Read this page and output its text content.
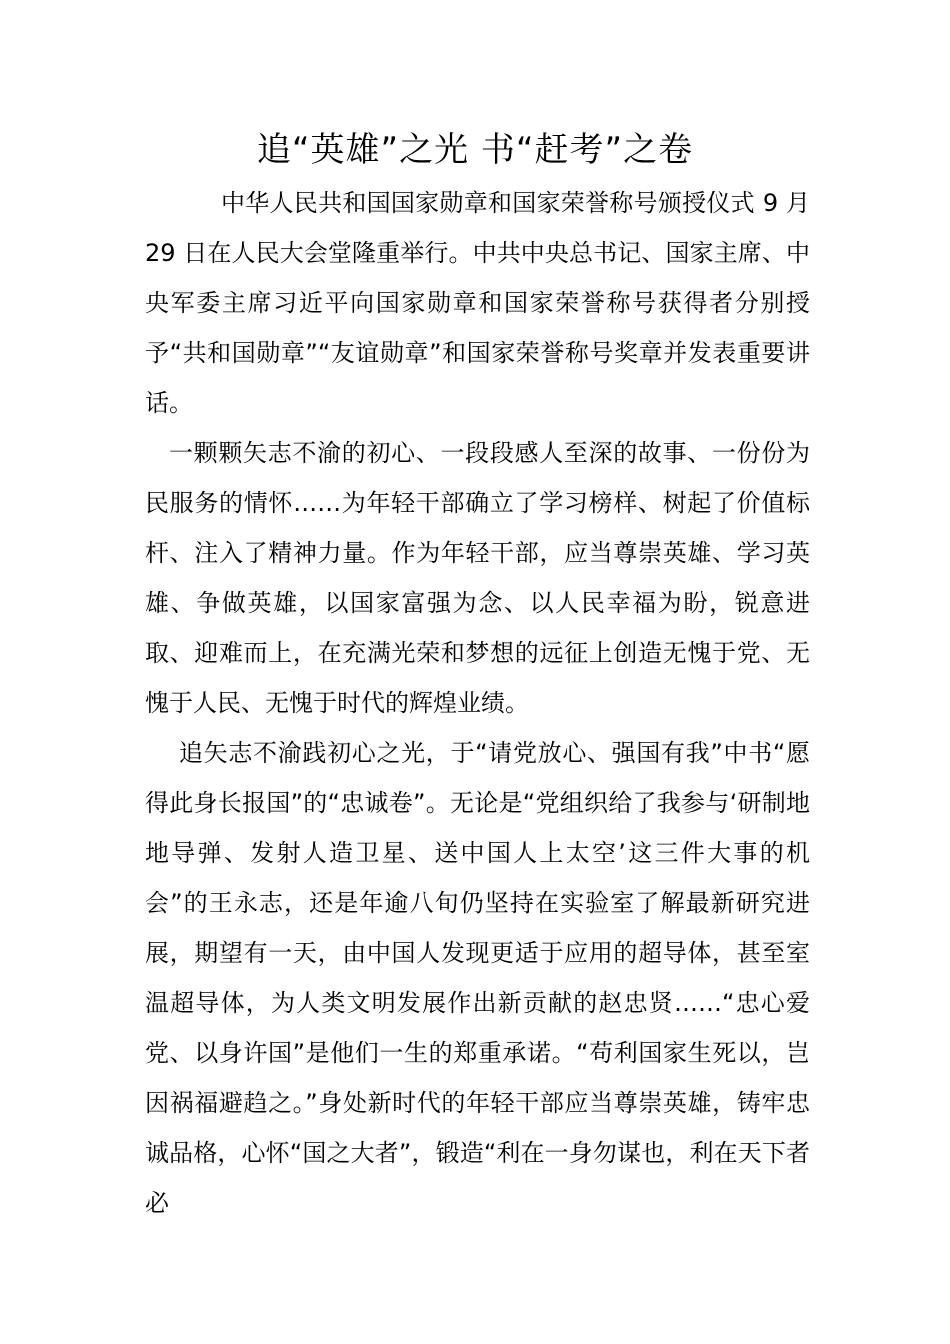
追“英雄”之光 书“赶考”之卷

中华人民共和国国家勋章和国家荣誉称号颁授仪式 9 月 29 日在人民大会堂隆重举行。中共中央总书记、国家主席、中央军委主席习近平向国家勋章和国家荣誉称号获得者分别授予“共和国勋章”“友谊勋章”和国家荣誉称号奖章并发表重要讲话。

一颗颗矢志不渝的初心、一段段感人至深的故事、一份份为民服务的情怀……为年轻干部确立了学习榜样、树起了价值标杆、注入了精神力量。作为年轻干部，应当尊崇英雄、学习英雄、争做英雄，以国家富强为念、以人民幸福为盼，锐意进取、迎难而上，在充满光荣和梦想的远征上创造无愧于党、无愧于人民、无愧于时代的辉煌业绩。

追矢志不渝践初心之光，于“请党放心、强国有我”中书“愿得此身长报国”的“忠诚卷”。无论是“党组织给了我参与‘研制地地导弹、发射人造卫星、送中国人上太空’这三件大事的机会”的王永志，还是年逾八旬仍坚持在实验室了解最新研究进展，期望有一天，由中国人发现更适于应用的超导体，甚至室温超导体，为人类文明发展作出新贡献的赵忠贤……“忠心爱党、以身许国”是他们一生的郑重承诺。“苟利国家生死以，岂因祸福避趋之。”身处新时代的年轻干部应当尊崇英雄，铸牢忠诚品格，心怀“国之大者”，锻造“利在一身勿谋也，利在天下者必
